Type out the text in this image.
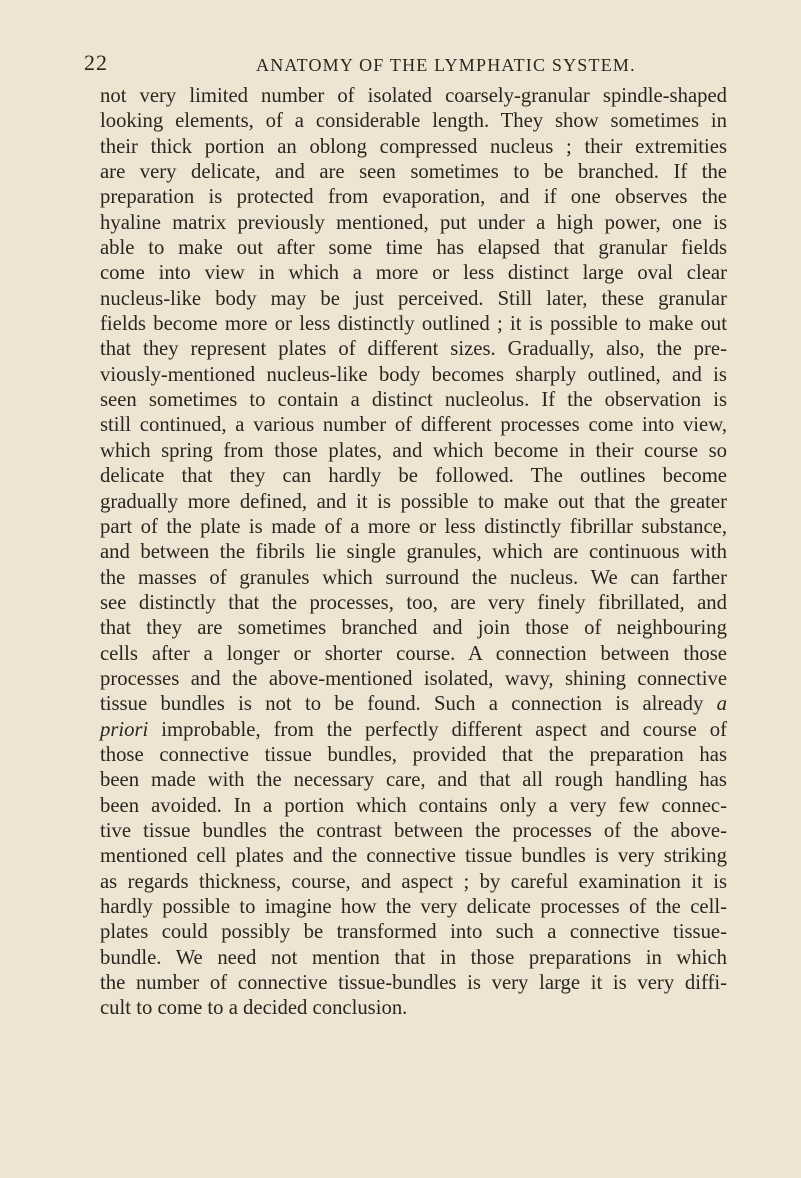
22	ANATOMY OF THE LYMPHATIC SYSTEM.
not very limited number of isolated coarsely-granular spindle-shaped
looking elements, of a considerable length. They show sometimes in
their thick portion an oblong compressed nucleus ; their extremities
are very delicate, and are seen sometimes to be branched. If the
preparation is protected from evaporation, and if one observes the
hyaline matrix previously mentioned, put under a high power, one is
able to make out after some time has elapsed that granular fields
come into view in which a more or less distinct large oval clear
nucleus-like body may be just perceived. Still later, these granular
fields become more or less distinctly outlined ; it is possible to make out
that they represent plates of different sizes. Gradually, also, the pre-
viously-mentioned nucleus-like body becomes sharply outlined, and is
seen sometimes to contain a distinct nucleolus. If the observation is
still continued, a various number of different processes come into view,
which spring from those plates, and which become in their course so
delicate that they can hardly be followed. The outlines become
gradually more defined, and it is possible to make out that the greater
part of the plate is made of a more or less distinctly fibrillar substance,
and between the fibrils lie single granules, which are continuous with
the masses of granules which surround the nucleus. We can farther
see distinctly that the processes, too, are very finely fibrillated, and
that they are sometimes branched and join those of neighbouring
cells after a longer or shorter course. A connection between those
processes and the above-mentioned isolated, wavy, shining connective
tissue bundles is not to be found. Such a connection is already a
priori improbable, from the perfectly different aspect and course of
those connective tissue bundles, provided that the preparation has
been made with the necessary care, and that all rough handling has
been avoided. In a portion which contains only a very few connec-
tive tissue bundles the contrast between the processes of the above-
mentioned cell plates and the connective tissue bundles is very striking
as regards thickness, course, and aspect ; by careful examination it is
hardly possible to imagine how the very delicate processes of the cell-
plates could possibly be transformed into such a connective tissue-
bundle. We need not mention that in those preparations in which
the number of connective tissue-bundles is very large it is very diffi-
cult to come to a decided conclusion.
